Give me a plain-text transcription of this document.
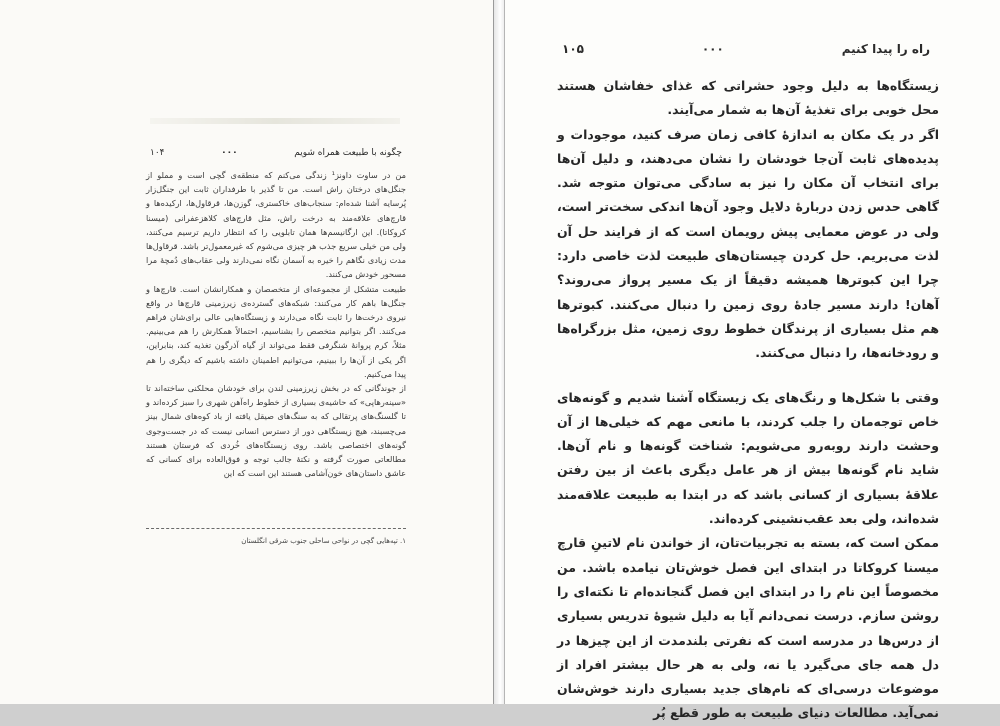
چگونه با طبیعت همراه شویم
۰۰۰
۱۰۴

من در ساوت داونز¹ زندگی می‌کنم که منطقه‌ی گچی است و مملو از جنگل‌های درختان راش است. من تا گذیر با طرفداران ثابت این جنگل‌زار پُرسایه آشنا شده‌ام: سنجاب‌های خاکستری، گوزن‌ها، قرقاول‌ها، ارکیده‌ها و قارچ‌های علاقه‌مند به درخت راش، مثل قارچ‌های کلاهزعفرانی (میسنا کروکاتا). این ارگانیسم‌ها همان تابلویی را که انتظار داریم ترسیم می‌کنند، ولی من خیلی سریع جذب هر چیزی می‌شوم که غیرمعمول‌تر باشد. قرقاول‌ها مدت زیادی نگاهم را خیره به آسمان نگاه نمی‌دارند ولی عقاب‌های دُمچهٔ مرا مسحور خودش می‌کنند.

طبیعت متشکل از مجموعه‌ای از متخصصان و همکارانشان است. قارچ‌ها و جنگل‌ها باهم کار می‌کنند: شبکه‌های گسترده‌ی زیرزمینی قارچ‌ها در واقع نیروی درخت‌ها را ثابت نگاه می‌دارند و زیستگاه‌هایی عالی برای‌شان فراهم می‌کنند. اگر بتوانیم متخصص را بشناسیم، احتمالاً همکارش را هم می‌بینیم. مثلاً، کرم پروانهٔ شنگرفی فقط می‌تواند از گیاه آذرگون تغذیه کند، بنابراین، اگر یکی از آن‌ها را ببینیم، می‌توانیم اطمینان داشته باشیم که دیگری را هم پیدا می‌کنیم.

از جوندگانی که در بخش زیرزمینی لندن برای خودشان محلکنی ساخته‌اند تا «سینه‌رهاپی» که حاشیه‌ی بسیاری از خطوط راه‌آهن شهری را سبز کرده‌اند و تا گلسنگ‌های پرتقالی که به سنگ‌های صیقل یافته از باد کوه‌های شمال بینز می‌چسبند، هیچ زیستگاهی دور از دسترس انسانی نیست که در جست‌وجوی گونه‌های اختصاصی باشد. روی زیستگاه‌های خُردی که فرستان هستند مطالعاتی صورت گرفته و نکتهٔ جالب توجه و فوق‌العاده برای کسانی که عاشق داستان‌های خون‌آشامی هستند این است که این

۱. تپه‌هایی گچی در نواحی ساحلی جنوب شرقی انگلستان
راه را پیدا کنیم
۰۰۰
۱۰۵

زیستگاه‌ها به دلیل وجود حشراتی که غذای خفاشان هستند محل خوبی برای تغذیهٔ آن‌ها به شمار می‌آیند.

اگر در یک مکان به اندازهٔ کافی زمان صرف کنید، موجودات و پدیده‌های ثابت آن‌جا خودشان را نشان می‌دهند، و دلیل آن‌ها برای انتخاب آن مکان را نیز به سادگی می‌توان متوجه شد. گاهی حدس زدن دربارهٔ دلایل وجود آن‌ها اندکی سخت‌تر است، ولی در عوض معمایی پیش رویمان است که از فرایند حل آن لذت می‌بریم. حل کردن چیستان‌های طبیعت لذت خاصی دارد: چرا این کبوترها همیشه دقیقاً از یک مسیر پرواز می‌روند؟ آهان! دارند مسیر جادهٔ روی زمین را دنبال می‌کنند. کبوترها هم مثل بسیاری از پرندگان خطوط روی زمین، مثل بزرگراه‌ها و رودخانه‌ها، را دنبال می‌کنند.

وقتی با شکل‌ها و رنگ‌های یک زیستگاه آشنا شدیم و گونه‌های خاص توجه‌مان را جلب کردند، با مانعی مهم که خیلی‌ها از آن وحشت دارند روبه‌رو می‌شویم: شناخت گونه‌ها و نام آن‌ها. شاید نام گونه‌ها بیش از هر عامل دیگری باعث از بین رفتن علاقهٔ بسیاری از کسانی باشد که در ابتدا به طبیعت علاقه‌مند شده‌اند، ولی بعد عقب‌نشینی کرده‌اند.

ممکن است که، بسته به تجربیات‌تان، از خواندن نام لاتینِ قارچ میسنا کروکاتا در ابتدای این فصل خوش‌تان نیامده باشد. من مخصوصاً این نام را در ابتدای این فصل گنجانده‌ام تا نکته‌ای را روشن سازم. درست نمی‌دانم آیا به دلیل شیوهٔ تدریس بسیاری از درس‌ها در مدرسه است که نفرتی بلندمدت از این چیزها در دل همه جای می‌گیرد یا نه، ولی به هر حال بیشتر افراد از موضوعات درسی‌ای که نام‌های جدید بسیاری دارند خوش‌شان نمی‌آید. مطالعات دنیای طبیعت به طور قطع پُر
